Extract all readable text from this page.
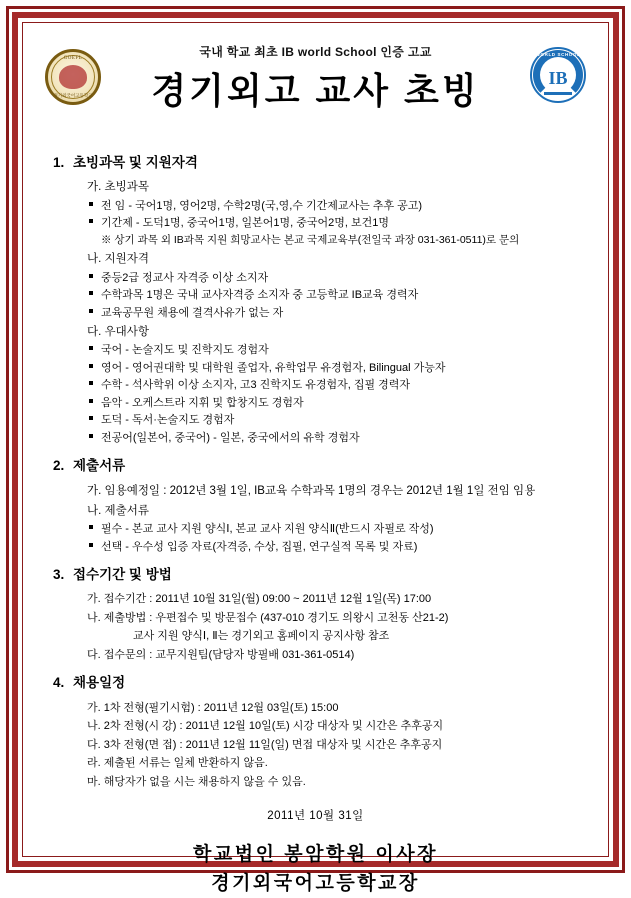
GOEFL
경기외국어고등학교
WORLD SCHOOL
IB
국내 학교 최초 IB world School 인증 고교
경기외고 교사 초빙
1. 초빙과목 및 지원자격
가. 초빙과목
전 임 - 국어1명, 영어2명, 수학2명(국,영,수 기간제교사는 추후 공고)
기간제 - 도덕1명, 중국어1명, 일본어1명, 중국어2명, 보건1명
※ 상기 과목 외 IB과목 지원 희망교사는 본교 국제교육부(전일국 과장 031-361-0511)로 문의
나. 지원자격
중등2급 정교사 자격증 이상 소지자
수학과목 1명은 국내 교사자격증 소지자 중 고등학교 IB교육 경력자
교육공무원 채용에 결격사유가 없는 자
다. 우대사항
국어 - 논술지도 및 진학지도 경험자
영어 - 영어권대학 및 대학원 졸업자, 유학업무 유경험자, Bilingual 가능자
수학 - 석사학위 이상 소지자, 고3 진학지도 유경험자, 집필 경력자
음악 - 오케스트라 지휘 및 합창지도 경험자
도덕 - 독서·논술지도 경험자
전공어(일본어, 중국어) - 일본, 중국에서의 유학 경험자
2. 제출서류
가. 임용예정일 : 2012년 3월 1일, IB교육 수학과목 1명의 경우는 2012년 1월 1일 전임 임용
나. 제출서류
필수 - 본교 교사 지원 양식Ⅰ, 본교 교사 지원 양식Ⅱ(반드시 자필로 작성)
선택 - 우수성 입증 자료(자격증, 수상, 집필, 연구실적 목록 및 자료)
3. 접수기간 및 방법
가. 접수기간 : 2011년 10월 31일(월) 09:00 ~ 2011년 12월 1일(목) 17:00
나. 제출방법 : 우편접수 및 방문접수 (437-010 경기도 의왕시 고천동 산21-2)
교사 지원 양식Ⅰ, Ⅱ는 경기외고 홈페이지 공지사항 참조
다. 접수문의 : 교무지원팀(담당자 방필배 031-361-0514)
4. 채용일정
가. 1차 전형(필기시험) : 2011년 12월 03일(토) 15:00
나. 2차 전형(시 강) : 2011년 12월 10일(토) 시강 대상자 및 시간은 추후공지
다. 3차 전형(면 접) : 2011년 12월 11일(일) 면접 대상자 및 시간은 추후공지
라. 제출된 서류는 일체 반환하지 않음.
마. 해당자가 없을 시는 채용하지 않을 수 있음.
2011년 10월 31일
학교법인 봉암학원 이사장
경기외국어고등학교장
